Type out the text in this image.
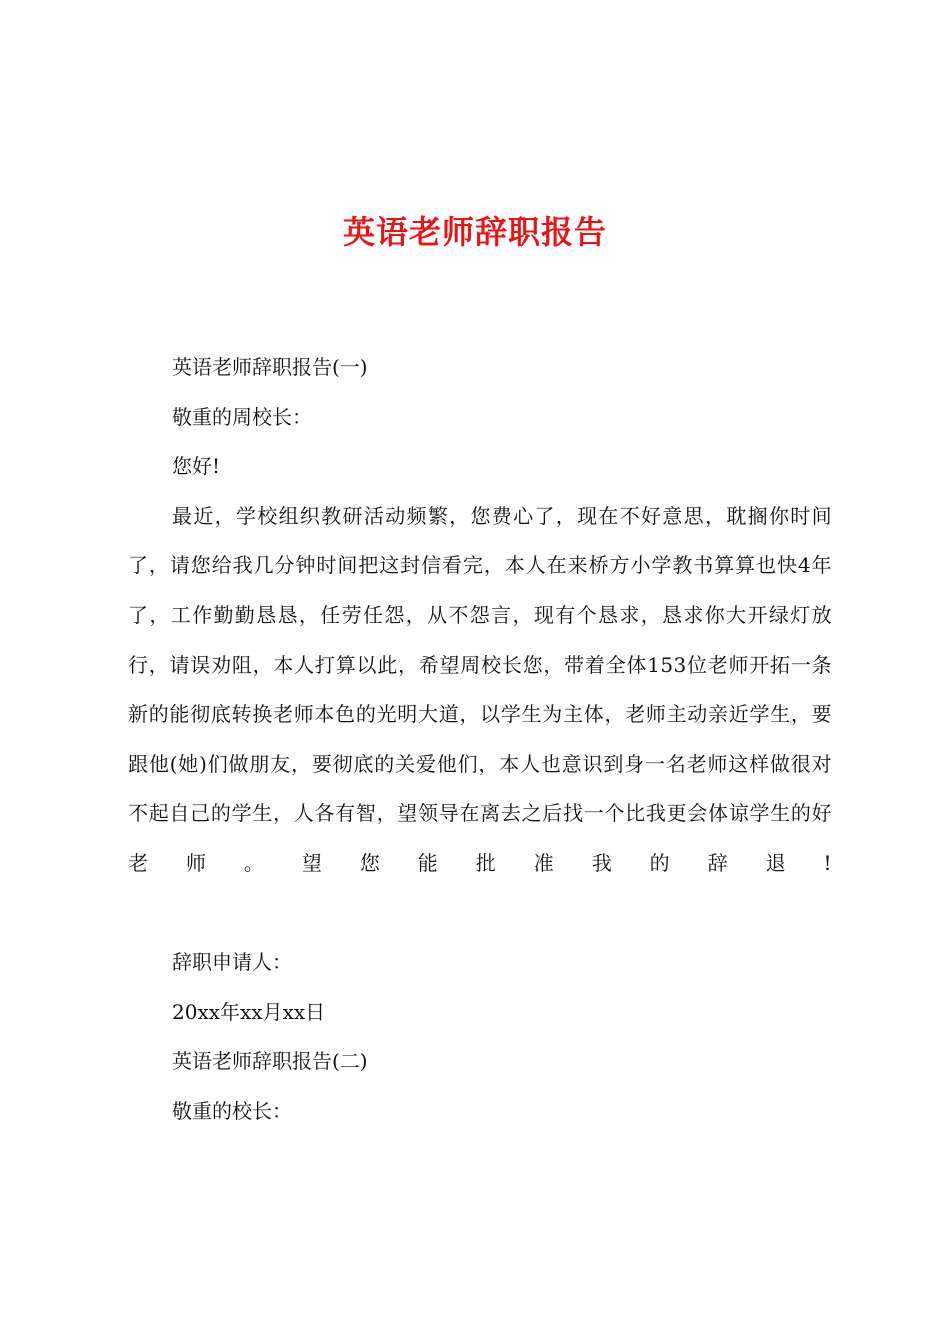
英语老师辞职报告

英语老师辞职报告(一)

敬重的周校长：

您好!

最近，学校组织教研活动频繁，您费心了，现在不好意思，耽搁你时间了，请您给我几分钟时间把这封信看完，本人在来桥方小学教书算算也快4年了，工作勤勤恳恳，任劳任怨，从不怨言，现有个恳求，恳求你大开绿灯放行，请误劝阻，本人打算以此，希望周校长您，带着全体153位老师开拓一条新的能彻底转换老师本色的光明大道，以学生为主体，老师主动亲近学生，要跟他(她)们做朋友，要彻底的关爱他们，本人也意识到身一名老师这样做很对不起自己的学生，人各有智，望领导在离去之后找一个比我更会体谅学生的好老师。望您能批准我的辞退!

辞职申请人：

20xx年xx月xx日

英语老师辞职报告(二)

敬重的校长：
